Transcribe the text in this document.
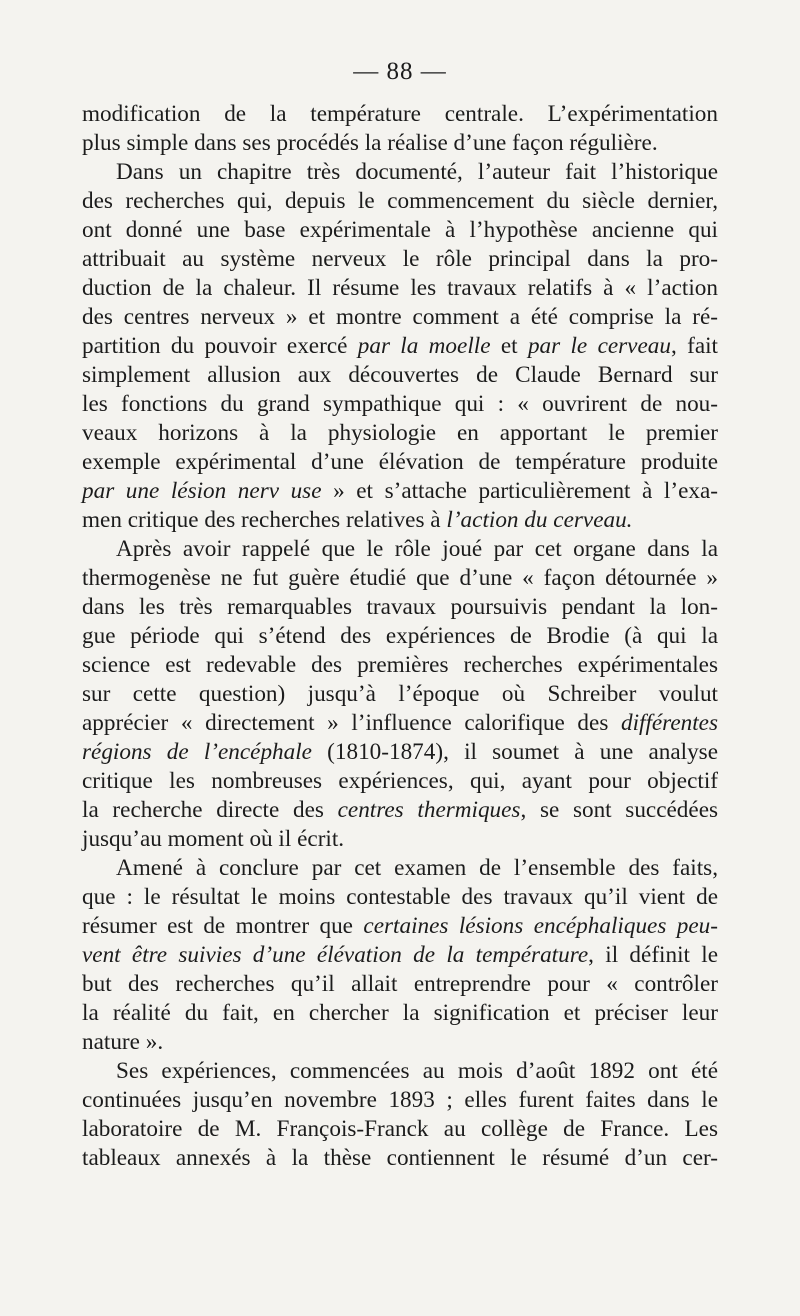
— 88 —
modification de la température centrale. L’expérimentation
plus simple dans ses procédés la réalise d’une façon régulière.
Dans un chapitre très documenté, l’auteur fait l’historique
des recherches qui, depuis le commencement du siècle dernier,
ont donné une base expérimentale à l’hypothèse ancienne qui
attribuait au système nerveux le rôle principal dans la pro-
duction de la chaleur. Il résume les travaux relatifs à « l’action
des centres nerveux » et montre comment a été comprise la ré-
partition du pouvoir exercé par la moelle et par le cerveau, fait
simplement allusion aux découvertes de Claude Bernard sur
les fonctions du grand sympathique qui : « ouvrirent de nou-
veaux horizons à la physiologie en apportant le premier
exemple expérimental d’une élévation de température produite
par une lésion nerv use » et s’attache particulièrement à l’exa-
men critique des recherches relatives à l’action du cerveau.
Après avoir rappelé que le rôle joué par cet organe dans la
thermogenèse ne fut guère étudié que d’une « façon détournée »
dans les très remarquables travaux poursuivis pendant la lon-
gue période qui s’étend des expériences de Brodie (à qui la
science est redevable des premières recherches expérimentales
sur cette question) jusqu’à l’époque où Schreiber voulut
apprécier « directement » l’influence calorifique des différentes
régions de l’encéphale (1810-1874), il soumet à une analyse
critique les nombreuses expériences, qui, ayant pour objectif
la recherche directe des centres thermiques, se sont succédées
jusqu’au moment où il écrit.
Amené à conclure par cet examen de l’ensemble des faits,
que : le résultat le moins contestable des travaux qu’il vient de
résumer est de montrer que certaines lésions encéphaliques peu-
vent être suivies d’une élévation de la température, il définit le
but des recherches qu’il allait entreprendre pour « contrôler
la réalité du fait, en chercher la signification et préciser leur
nature ».
Ses expériences, commencées au mois d’août 1892 ont été
continuées jusqu’en novembre 1893 ; elles furent faites dans le
laboratoire de M. François-Franck au collège de France. Les
tableaux annexés à la thèse contiennent le résumé d’un cer-
